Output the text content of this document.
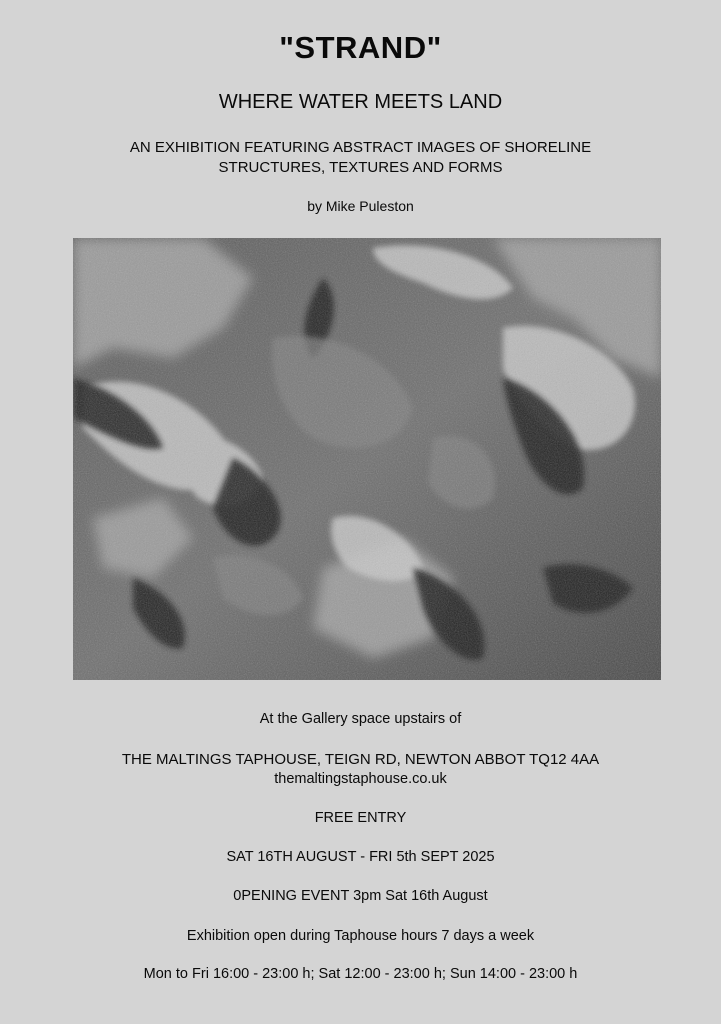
"STRAND"
WHERE WATER MEETS LAND
AN EXHIBITION FEATURING ABSTRACT IMAGES OF SHORELINE
STRUCTURES, TEXTURES AND FORMS
by Mike Puleston
At the Gallery space upstairs of
THE MALTINGS TAPHOUSE, TEIGN RD, NEWTON ABBOT TQ12 4AA
themaltingstaphouse.co.uk
FREE ENTRY
SAT 16TH AUGUST - FRI 5th SEPT 2025
0PENING EVENT 3pm Sat 16th August
Exhibition open during Taphouse hours 7 days a week
Mon to Fri 16:00 - 23:00 h; Sat 12:00 - 23:00 h; Sun 14:00 - 23:00 h
